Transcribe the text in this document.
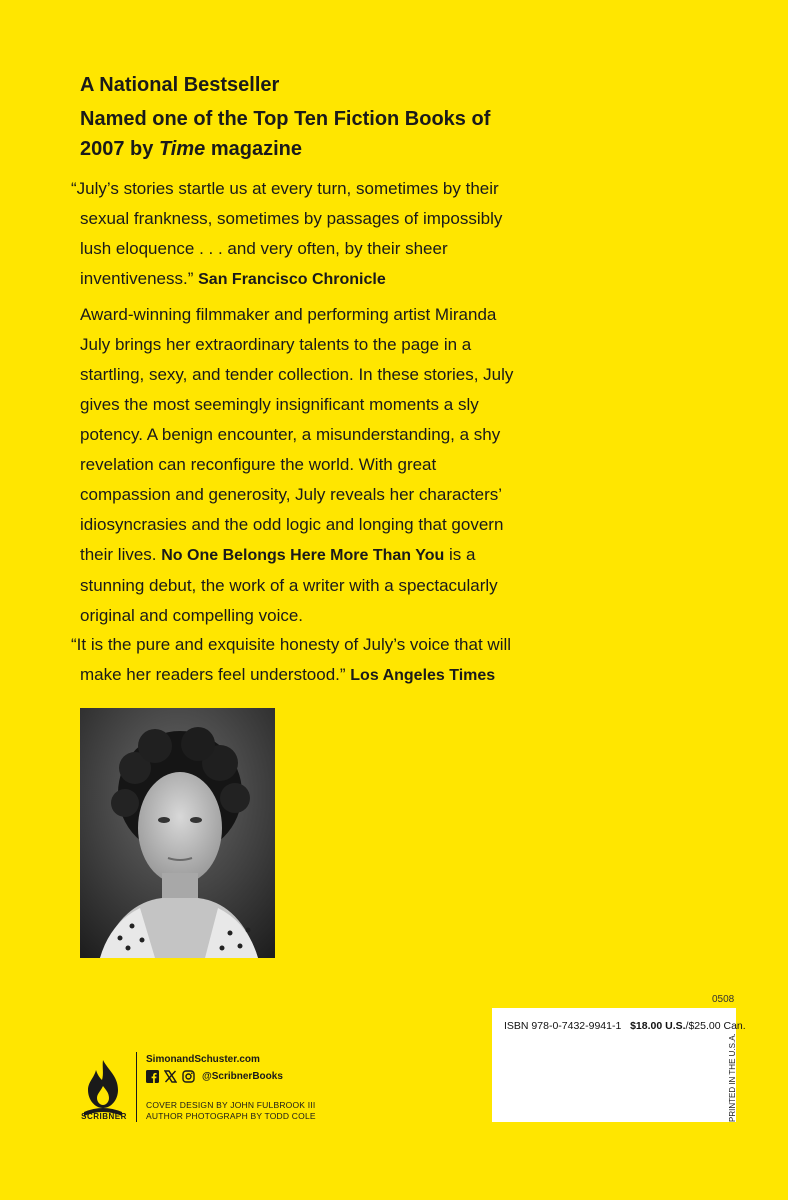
A National Bestseller
Named one of the Top Ten Fiction Books of 2007 by Time magazine
“July’s stories startle us at every turn, sometimes by their sexual frankness, sometimes by passages of impossibly lush eloquence . . . and very often, by their sheer inventiveness.” San Francisco Chronicle
Award-winning filmmaker and performing artist Miranda July brings her extraordinary talents to the page in a startling, sexy, and tender collection. In these stories, July gives the most seemingly insignificant moments a sly potency. A benign encounter, a misunderstanding, a shy revelation can reconfigure the world. With great compassion and generosity, July reveals her characters’ idiosyncrasies and the odd logic and longing that govern their lives. No One Belongs Here More Than You is a stunning debut, the work of a writer with a spectacularly original and compelling voice.
“It is the pure and exquisite honesty of July’s voice that will make her readers feel understood.” Los Angeles Times
0508
ISBN 978-0-7432-9941-1 $18.00 U.S./$25.00 Can.
PRINTED IN THE U.S.A.
SCRIBNER
SimonandSchuster.com
@ScribnerBooks
COVER DESIGN BY JOHN FULBROOK III
AUTHOR PHOTOGRAPH BY TODD COLE
